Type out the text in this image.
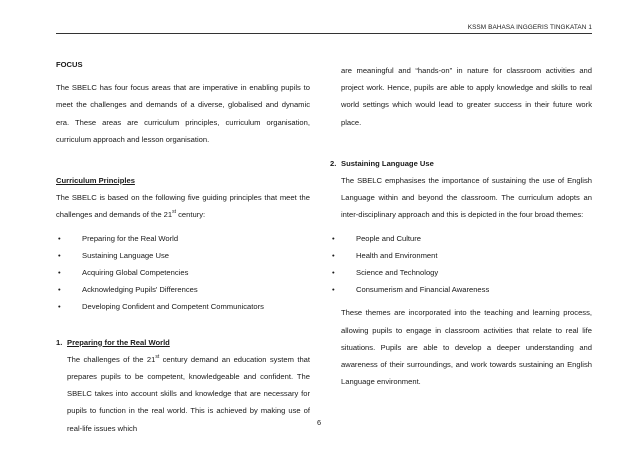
KSSM BAHASA INGGERIS TINGKATAN 1

FOCUS

The SBELC has four focus areas that are imperative in enabling pupils to meet the challenges and demands of a diverse, globalised and dynamic era. These areas are curriculum principles, curriculum organisation, curriculum approach and lesson organisation.

Curriculum Principles

The SBELC is based on the following five guiding principles that meet the challenges and demands of the 21st century:

• Preparing for the Real World
• Sustaining Language Use
• Acquiring Global Competencies
• Acknowledging Pupils' Differences
• Developing Confident and Competent Communicators

1. Preparing for the Real World

The challenges of the 21st century demand an education system that prepares pupils to be competent, knowledgeable and confident. The SBELC takes into account skills and knowledge that are necessary for pupils to function in the real world. This is achieved by making use of real-life issues which

are meaningful and “hands-on” in nature for classroom activities and project work. Hence, pupils are able to apply knowledge and skills to real world settings which would lead to greater success in their future work place.

2. Sustaining Language Use

The SBELC emphasises the importance of sustaining the use of English Language within and beyond the classroom. The curriculum adopts an inter-disciplinary approach and this is depicted in the four broad themes:

• People and Culture
• Health and Environment
• Science and Technology
• Consumerism and Financial Awareness

These themes are incorporated into the teaching and learning process, allowing pupils to engage in classroom activities that relate to real life situations. Pupils are able to develop a deeper understanding and awareness of their surroundings, and work towards sustaining an English Language environment.

6
